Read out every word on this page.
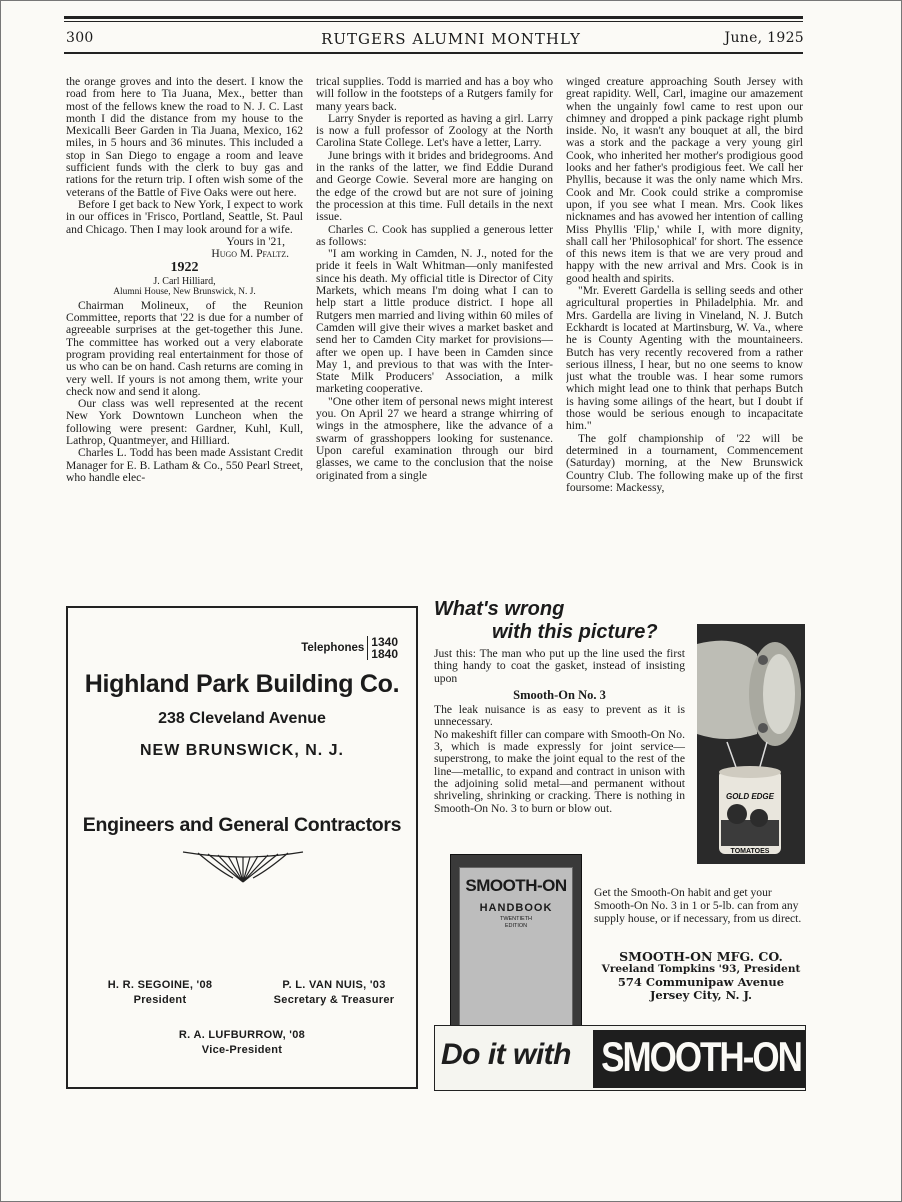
300	RUTGERS ALUMNI MONTHLY	June, 1925

the orange groves and into the desert. I know the road from here to Tia Juana, Mex., better than most of the fellows knew the road to N. J. C. Last month I did the distance from my house to the Mexicalli Beer Garden in Tia Juana, Mexico, 162 miles, in 5 hours and 36 minutes. This included a stop in San Diego to engage a room and leave sufficient funds with the clerk to buy gas and rations for the return trip. I often wish some of the veterans of the Battle of Five Oaks were out here.

Before I get back to New York, I expect to work in our offices in 'Frisco, Portland, Seattle, St. Paul and Chicago. Then I may look around for a wife.

Yours in '21,
Hugo M. Pfaltz.
1922
J. Carl Hilliard,
Alumni House, New Brunswick, N. J.

Chairman Molineux, of the Reunion Committee, reports that '22 is due for a number of agreeable surprises at the get-together this June. The committee has worked out a very elaborate program providing real entertainment for those of us who can be on hand. Cash returns are coming in very well. If yours is not among them, write your check now and send it along.

Our class was well represented at the recent New York Downtown Luncheon when the following were present: Gardner, Kuhl, Kull, Lathrop, Quantmeyer, and Hilliard.

Charles L. Todd has been made Assistant Credit Manager for E. B. Latham & Co., 550 Pearl Street, who handle elec-

trical supplies. Todd is married and has a boy who will follow in the footsteps of a Rutgers family for many years back.

Larry Snyder is reported as having a girl. Larry is now a full professor of Zoology at the North Carolina State College. Let's have a letter, Larry.

June brings with it brides and bridegrooms. And in the ranks of the latter, we find Eddie Durand and George Cowie. Several more are hanging on the edge of the crowd but are not sure of joining the procession at this time. Full details in the next issue.

Charles C. Cook has supplied a generous letter as follows:

"I am working in Camden, N. J., noted for the pride it feels in Walt Whitman—only manifested since his death. My official title is Director of City Markets, which means I'm doing what I can to help start a little produce district. I hope all Rutgers men married and living within 60 miles of Camden will give their wives a market basket and send her to Camden City market for provisions—after we open up. I have been in Camden since May 1, and previous to that was with the Inter-State Milk Producers' Association, a milk marketing cooperative.

"One other item of personal news might interest you. On April 27 we heard a strange whirring of wings in the atmosphere, like the advance of a swarm of grasshoppers looking for sustenance. Upon careful examination through our bird glasses, we came to the conclusion that the noise originated from a single

winged creature approaching South Jersey with great rapidity. Well, Carl, imagine our amazement when the ungainly fowl came to rest upon our chimney and dropped a pink package right plumb inside. No, it wasn't any bouquet at all, the bird was a stork and the package a very young girl Cook, who inherited her mother's prodigious good looks and her father's prodigious feet. We call her Phyllis, because it was the only name which Mrs. Cook and Mr. Cook could strike a compromise upon, if you see what I mean. Mrs. Cook likes nicknames and has avowed her intention of calling Miss Phyllis 'Flip,' while I, with more dignity, shall call her 'Philosophical' for short. The essence of this news item is that we are very proud and happy with the new arrival and Mrs. Cook is in good health and spirits.

"Mr. Everett Gardella is selling seeds and other agricultural properties in Philadelphia. Mr. and Mrs. Gardella are living in Vineland, N. J. Butch Eckhardt is located at Martinsburg, W. Va., where he is County Agenting with the mountaineers. Butch has very recently recovered from a rather serious illness, I hear, but no one seems to know just what the trouble was. I hear some rumors which might lead one to think that perhaps Butch is having some ailings of the heart, but I doubt if those would be serious enough to incapacitate him."

The golf championship of '22 will be determined in a tournament, Commencement (Saturday) morning, at the New Brunswick Country Club. The following make up of the first foursome: Mackessy,

Telephones 1340
1840
Highland Park Building Co.
238 Cleveland Avenue
NEW BRUNSWICK, N. J.
Engineers and General Contractors
H. R. SEGOINE, '08
President
P. L. VAN NUIS, '03
Secretary & Treasurer
R. A. LUFBURROW, '08
Vice-President
What's wrong
with this picture?
Just this: The man who put up the line used the first thing handy to coat the gasket, instead of insisting upon
Smooth-On No. 3
The leak nuisance is as easy to prevent as it is unnecessary.
No makeshift filler can compare with Smooth-On No. 3, which is made expressly for joint service—superstrong, to make the joint equal to the rest of the line—metallic, to expand and contract in unison with the adjoining solid metal—and permanent without shriveling, shrinking or cracking. There is nothing in Smooth-On No. 3 to burn or blow out.
GOLD EDGE
TOMATOES
SMOOTH-ON
HANDBOOK
TWENTIETH EDITION
Get the Smooth-On habit and get your Smooth-On No. 3 in 1 or 5-lb. can from any supply house, or if necessary, from us direct.
SMOOTH-ON MFG. CO.
Vreeland Tompkins '93, President
574 Communipaw Avenue
Jersey City, N. J.
Do it with SMOOTH-ON
